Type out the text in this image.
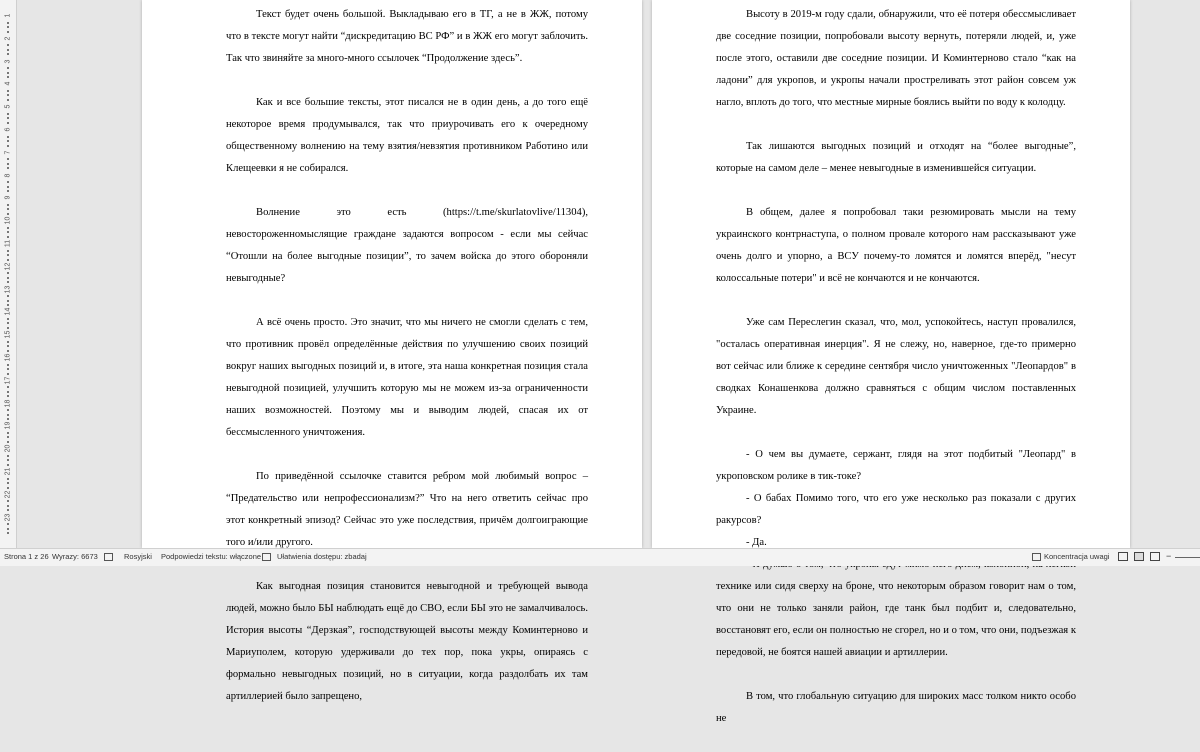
1
2
3
4
5
6
7
8
9
10
11
12
13
14
15
16
17
18
19
20
21
22
23

Текст будет очень большой. Выкладываю его в ТГ, а не в ЖЖ, потому что в тексте могут найти “дискредитацию ВС РФ” и в ЖЖ его могут заблочить. Так что звиняйте за много-много ссылочек “Продолжение здесь”.

Как и все большие тексты, этот писался не в один день, а до того ещё некоторое время продумывался, так что приурочивать его к очередному общественному волнению на тему взятия/невзятия противником Работино или Клещеевки я не собирался.

Волнение это есть (https://t.me/skurlatovlive/11304), невостороженномыслящие граждане задаются вопросом - если мы сейчас “Отошли на более выгодные позиции”, то зачем войска до этого обороняли невыгодные?

А всё очень просто. Это значит, что мы ничего не смогли сделать с тем, что противник провёл определённые действия по улучшению своих позиций вокруг наших выгодных позиций и, в итоге, эта наша конкретная позиция стала невыгодной позицией, улучшить которую мы не можем из-за ограниченности наших возможностей. Поэтому мы и выводим людей, спасая их от бессмысленного уничтожения.

По приведённой ссылочке ставится ребром мой любимый вопрос – “Предательство или непрофессионализм?” Что на него ответить сейчас про этот конкретный эпизод? Сейчас это уже последствия, причём долгоиграющие того и/или другого.

Как выгодная позиция становится невыгодной и требующей вывода людей, можно было БЫ наблюдать ещё до СВО, если БЫ это не замалчивалось. История высоты “Дерзкая”, господствующей высоты между Коминтерново и Мариуполем, которую удерживали до тех пор, пока укры, опираясь с формально невыгодных позиций, но в ситуации, когда раздолбать их там артиллерией было запрещено,

Высоту в 2019-м году сдали, обнаружили, что её потеря обессмысливает две соседние позиции, попробовали высоту вернуть, потеряли людей, и, уже после этого, оставили две соседние позиции. И Коминтерново стало “как на ладони” для укропов, и укропы начали простреливать этот район совсем уж нагло, вплоть до того, что местные мирные боялись выйти по воду к колодцу.

Так лишаются выгодных позиций и отходят на “более выгодные”, которые на самом деле – менее невыгодные в изменившейся ситуации.

В общем, далее я попробовал таки резюмировать мысли на тему украинского контрнаступа, о полном провале которого нам рассказывают уже очень долго и упорно, а ВСУ почему-то ломятся и ломятся вперёд, "несут колоссальные потери" и всё не кончаются и не кончаются.

Уже сам Переслегин сказал, что, мол, успокойтесь, наступ провалился, "осталась оперативная инерция". Я не слежу, но, наверное, где-то примерно вот сейчас или ближе к середине сентября число уничтоженных "Леопардов" в сводках Конашенкова должно сравняться с общим числом поставленных Украине.

- О чем вы думаете, сержант, глядя на этот подбитый "Леопард" в укроповском ролике в тик-токе?

- О бабах Помимо того, что его уже несколько раз показали с других ракурсов?

- Да.

технике или сидя сверху на броне, что некоторым образом говорит нам о том, что они не только заняли район, где танк был подбит и, следовательно, восстановят его, если он полностью не сгорел, но и о том, что они, подъезжая к передовой, не боятся нашей авиации и артиллерии.

В том, что глобальную ситуацию для широких масс толком никто особо не

Strona 1 z 26 Wyrazy: 6673	Rosyjski Podpowiedzi tekstu: włączone Ułatwienia dostępu: zbadaj	Koncentracja uwagi	−
